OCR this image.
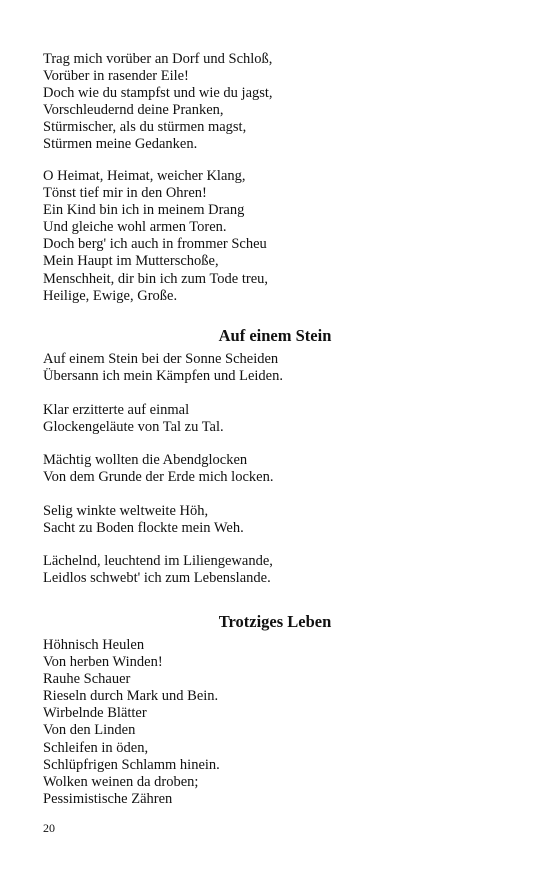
Trag mich vorüber an Dorf und Schloß,
Vorüber in rasender Eile!
Doch wie du stampfst und wie du jagst,
Vorschleudernd deine Pranken,
Stürmischer, als du stürmen magst,
Stürmen meine Gedanken.
O Heimat, Heimat, weicher Klang,
Tönst tief mir in den Ohren!
Ein Kind bin ich in meinem Drang
Und gleiche wohl armen Toren.
Doch berg' ich auch in frommer Scheu
Mein Haupt im Mutterschoße,
Menschheit, dir bin ich zum Tode treu,
Heilige, Ewige, Große.
Auf einem Stein
Auf einem Stein bei der Sonne Scheiden
Übersann ich mein Kämpfen und Leiden.
Klar erzitterte auf einmal
Glockengeläute von Tal zu Tal.
Mächtig wollten die Abendglocken
Von dem Grunde der Erde mich locken.
Selig winkte weltweite Höh,
Sacht zu Boden flockte mein Weh.
Lächelnd, leuchtend im Liliengewande,
Leidlos schwebt' ich zum Lebenslande.
Trotziges Leben
Höhnisch Heulen
Von herben Winden!
Rauhe Schauer
Rieseln durch Mark und Bein.
Wirbelnde Blätter
Von den Linden
Schleifen in öden,
Schlüpfrigen Schlamm hinein.
Wolken weinen da droben;
Pessimistische Zähren
20
